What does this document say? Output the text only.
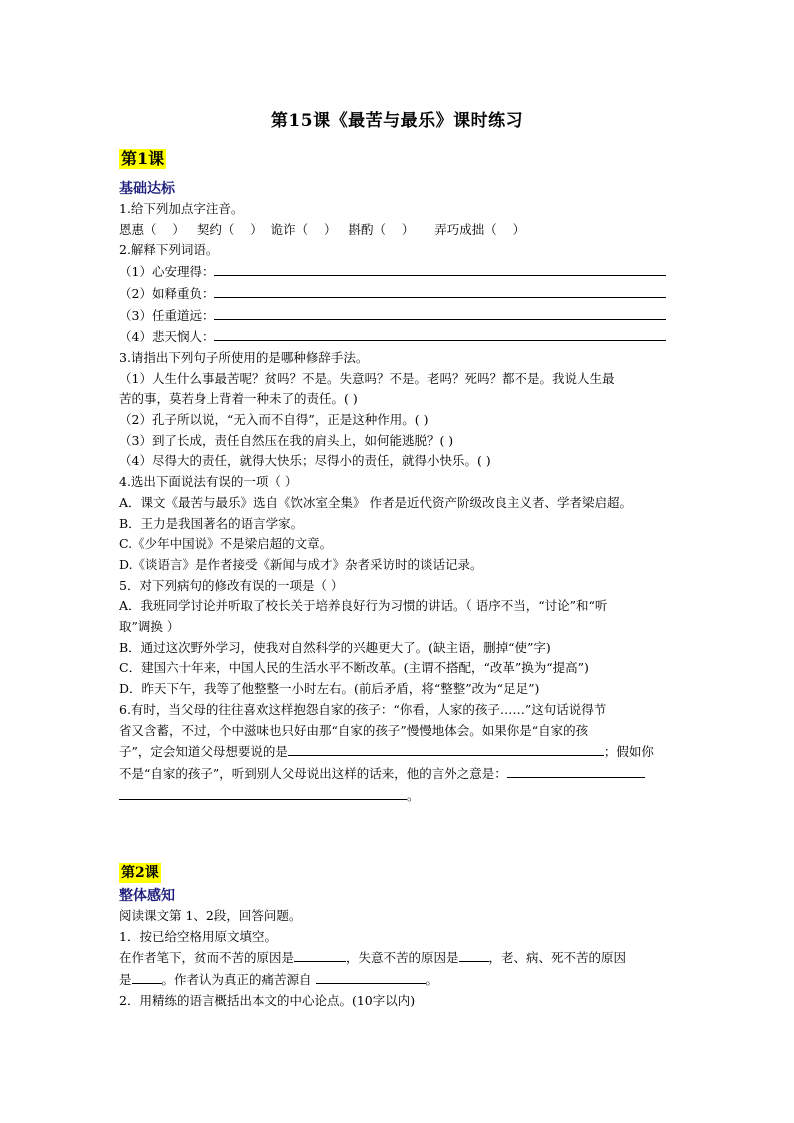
第15课《最苦与最乐》课时练习
第1课
基础达标
1.给下列加点字注音。
恩惠（    ）   契约（    ）  诡诈（    ）   斟酌（    ）     弄巧成拙（    ）
2.解释下列词语。
（1）心安理得：
（2）如释重负：
（3）任重道远：
（4）悲天悯人：
3.请指出下列句子所使用的是哪种修辞手法。
（1）人生什么事最苦呢？贫吗？不是。失意吗？不是。老吗？死吗？都不是。我说人生最
苦的事，莫若身上背着一种未了的责任。( )
（2）孔子所以说，“无入而不自得”，正是这种作用。( )
（3）到了长成，责任自然压在我的肩头上，如何能逃脱？( )
（4）尽得大的责任，就得大快乐；尽得小的责任，就得小快乐。( )
4.选出下面说法有误的一项（ ）
A．课文《最苦与最乐》选自《饮冰室全集》 作者是近代资产阶级改良主义者、学者梁启超。
B．王力是我国著名的语言学家。
C.《少年中国说》不是梁启超的文章。
D.《谈语言》是作者接受《新闻与成才》杂者采访时的谈话记录。
5．对下列病句的修改有误的一项是（ ）
A．我班同学讨论并听取了校长关于培养良好行为习惯的讲话。（ 语序不当，“讨论”和“听
取”调换 ）
B．通过这次野外学习，使我对自然科学的兴趣更大了。(缺主语，删掉“使”字)
C．建国六十年来，中国人民的生活水平不断改革。(主谓不搭配，“改革”换为“提高”)
D．昨天下午，我等了他整整一小时左右。(前后矛盾，将“整整”改为“足足”)
6.有时，当父母的往往喜欢这样抱怨自家的孩子：“你看，人家的孩子……”这句话说得节
省又含蓄，不过，个中滋味也只好由那“自家的孩子”慢慢地体会。如果你是“自家的孩
子”，定会知道父母想要说的是	；假如你
不是“自家的孩子”，听到别人父母说出这样的话来，他的言外之意是：
。
第2课
整体感知
阅读课文第 1、2段，回答问题。
1．按已给空格用原文填空。
在作者笔下，贫而不苦的原因是	，失意不苦的原因是 ，老、病、死不苦的原因
是 。作者认为真正的痛苦源自	。
2．用精练的语言概括出本文的中心论点。(10字以内)
